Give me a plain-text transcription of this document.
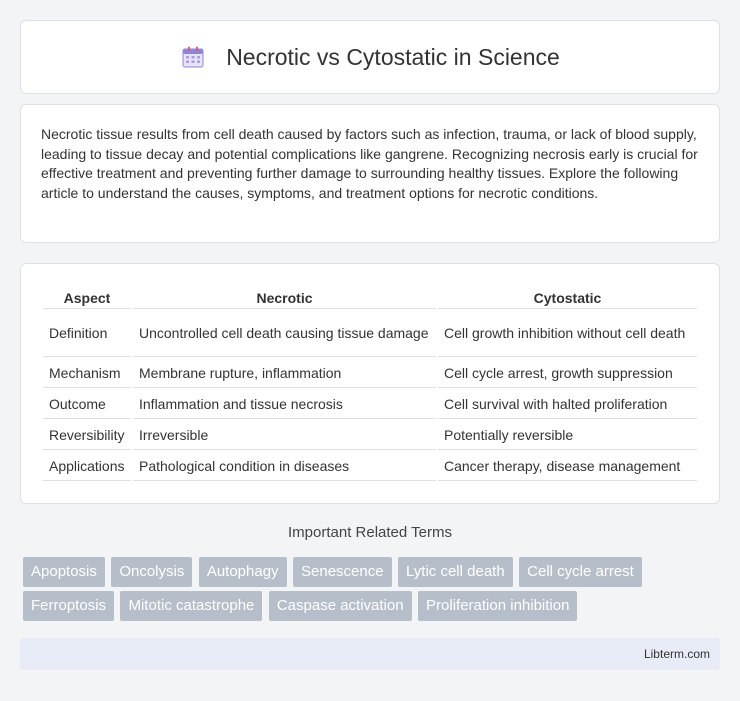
Necrotic vs Cytostatic in Science

Necrotic tissue results from cell death caused by factors such as infection, trauma, or lack of blood supply, leading to tissue decay and potential complications like gangrene. Recognizing necrosis early is crucial for effective treatment and preventing further damage to surrounding healthy tissues. Explore the following article to understand the causes, symptoms, and treatment options for necrotic conditions.

Aspect	Necrotic	Cytostatic
Definition	Uncontrolled cell death causing tissue damage	Cell growth inhibition without cell death
Mechanism	Membrane rupture, inflammation	Cell cycle arrest, growth suppression
Outcome	Inflammation and tissue necrosis	Cell survival with halted proliferation
Reversibility	Irreversible	Potentially reversible
Applications	Pathological condition in diseases	Cancer therapy, disease management
Important Related Terms
Apoptosis Oncolysis Autophagy Senescence Lytic cell death Cell cycle arrest Ferroptosis Mitotic catastrophe Caspase activation Proliferation inhibition
Libterm.com
